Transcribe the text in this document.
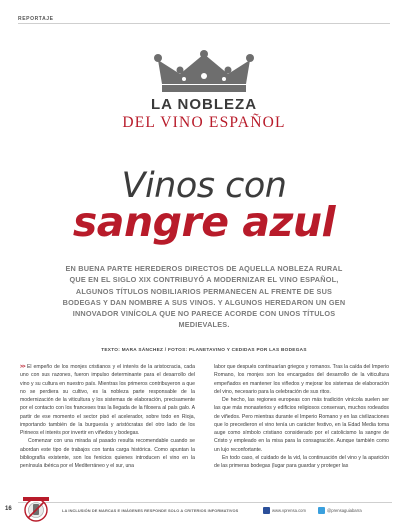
REPORTAJE
LA NOBLEZA
DEL VINO ESPAÑOL
Vinos con
sangre azul
EN BUENA PARTE HEREDEROS DIRECTOS DE AQUELLA NOBLEZA RURAL QUE EN EL SIGLO XIX CONTRIBUYÓ A MODERNIZAR EL VINO ESPAÑOL, ALGUNOS TÍTULOS NOBILIARIOS PERMANECEN AL FRENTE DE SUS BODEGAS Y DAN NOMBRE A SUS VINOS. Y ALGUNOS HEREDARON UN GEN INNOVADOR VINÍCOLA QUE NO PARECE ACORDE CON UNOS TÍTULOS MEDIEVALES.
TEXTO: MARA SÁNCHEZ / FOTOS: PLANETAVINO Y CEDIDAS POR LAS BODEGAS

>> El empeño de los monjes cristianos y el interés de la aristocracia, cada uno con sus razones, fueron impulso determinante para el desarrollo del vino y su cultura en nuestro país. Mientras los primeros contribuyeron a que no se perdiera su cultivo, es la nobleza parte responsable de la modernización de la viticultura y los sistemas de elaboración, precisamente por el contacto con los franceses tras la llegada de la filoxera al país galo. A partir de ese momento el sector pisó el acelerador, sobre todo en Rioja, importando también de la burguesía y aristócratas del otro lado de los Pirineos el interés por invertir en viñedos y bodegas.

Comenzar con una mirada al pasado resulta recomendable cuando se abordan este tipo de trabajos con tanta carga histórica. Como apuntan la bibliografía existente, son los fenicios quienes introducen el vino en la península ibérica por el Mediterráneo y el sur, una

labor que después continuarían griegos y romanos. Tras la caída del Imperio Romano, los monjes son los encargados del desarrollo de la viticultura empeñados en mantener los viñedos y mejorar los sistemas de elaboración del vino, necesario para la celebración de sus ritos.

De hecho, las regiones europeas con más tradición vinícola suelen ser las que más monasterios y edificios religiosos conservan, muchos rodeados de viñedos. Pero mientras durante el Imperio Romano y en las civilizaciones que lo precedieron el vino tenía un carácter festivo, en la Edad Media toma auge como símbolo cristiano considerado por el catolicismo la sangre de Cristo y empleado en la misa para la consagración. Aunque también como un lujo reconfortante.

En todo caso, el cuidado de la vid, la continuación del vino y la aparición de las primeras bodegas (lugar para guardar y proteger las

16	LA INCLUSIÓN DE MARCAS E IMÁGENES RESPONDE SOLO A CRITERIOS INFORMATIVOS	www.vprensa.com	@prensaguiabarra
